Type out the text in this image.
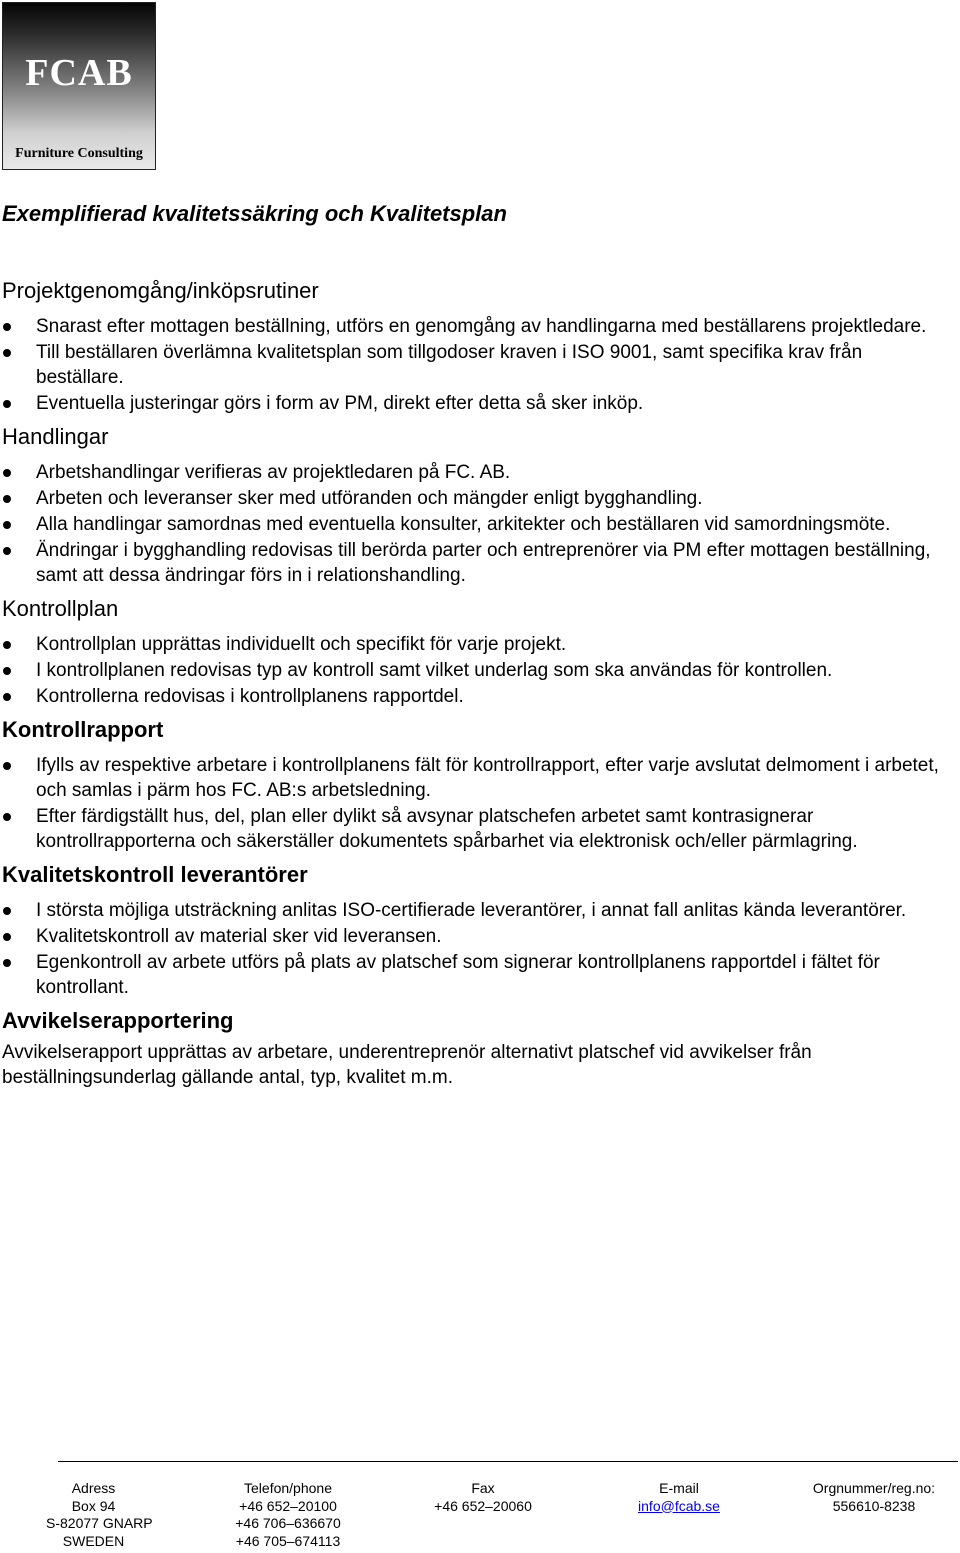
FCAB
Furniture Consulting
Exemplifierad kvalitetssäkring och Kvalitetsplan
Projektgenomgång/inköpsrutiner
Snarast efter mottagen beställning, utförs en genomgång av handlingarna med beställarens projektledare.
Till beställaren överlämna kvalitetsplan som tillgodoser kraven i ISO 9001, samt specifika krav från beställare.
Eventuella justeringar görs i form av PM, direkt efter detta så sker inköp.
Handlingar
Arbetshandlingar verifieras av projektledaren på FC. AB.
Arbeten och leveranser sker med utföranden och mängder enligt bygghandling.
Alla handlingar samordnas med eventuella konsulter, arkitekter och beställaren vid samordningsmöte.
Ändringar i bygghandling redovisas till berörda parter och entreprenörer via PM efter mottagen beställning, samt att dessa ändringar förs in i relationshandling.
Kontrollplan
Kontrollplan upprättas individuellt och specifikt för varje projekt.
I kontrollplanen redovisas typ av kontroll samt vilket underlag som ska användas för kontrollen.
Kontrollerna redovisas i kontrollplanens rapportdel.
Kontrollrapport
Ifylls av respektive arbetare i kontrollplanens fält för kontrollrapport, efter varje avslutat delmoment i arbetet, och samlas i pärm hos FC. AB:s arbetsledning.
Efter färdigställt hus, del, plan eller dylikt så avsynar platschefen arbetet samt kontrasignerar kontrollrapporterna och säkerställer dokumentets spårbarhet via elektronisk och/eller pärmlagring.
Kvalitetskontroll leverantörer
I största möjliga utsträckning anlitas ISO-certifierade leverantörer, i annat fall anlitas kända leverantörer.
Kvalitetskontroll av material sker vid leveransen.
Egenkontroll av arbete utförs på plats av platschef som signerar kontrollplanens rapportdel i fältet för kontrollant.
Avvikelserapportering
Avvikelserapport upprättas av arbetare, underentreprenör alternativt platschef vid avvikelser från beställningsunderlag gällande antal, typ, kvalitet m.m.
Adress
Box 94
S-82077 GNARP
SWEDEN
Telefon/phone
+46 652–20100
+46 706–636670
+46 705–674113
Fax
+46 652–20060
E-mail
info@fcab.se
Orgnummer/reg.no:
556610-8238
